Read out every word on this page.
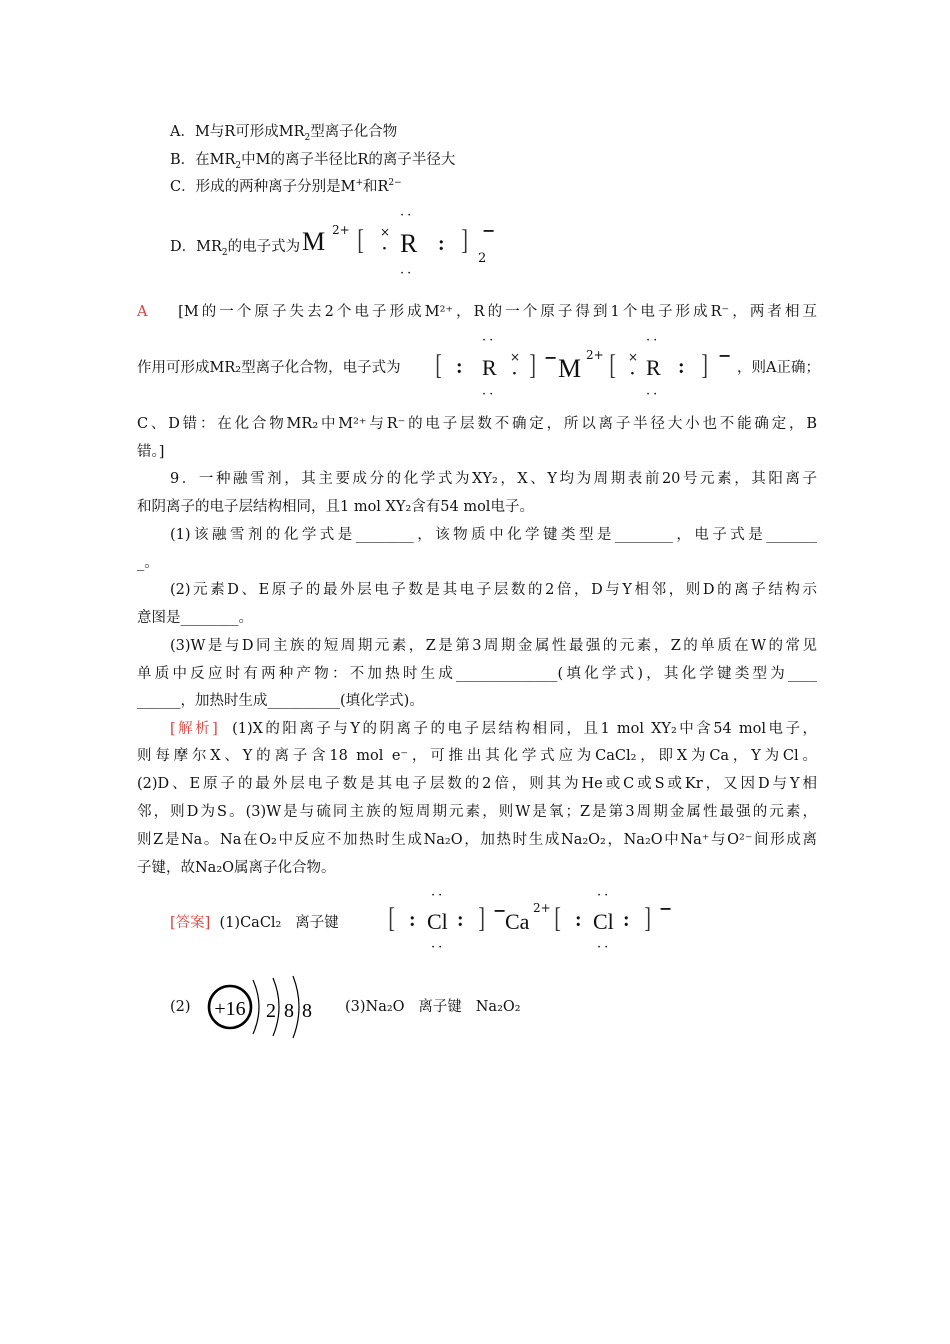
A．M与R可形成$MR_2$型离子化合物
B．在$MR_2$中M的离子半径比R的离子半径大
C．形成的两种离子分别是M+和$R^{2-}$
D．$MR_2$的电子式为 M 2+ [ ×
·
··
R
··
: ] −
2
A [M的一个原子失去2个电子形成M²⁺，R的一个原子得到1个电子形成R⁻，两者相互
作用可形成MR₂型离子化合物，电子式为 [ :
··
R
··
×
· ] − M 2+ [ ×
·
··
R
··
: ] −
，则A正确；
C、D错：在化合物MR₂中M²⁺与R⁻的电子层数不确定，所以离子半径大小也不能确定，B
错。]
9．一种融雪剂，其主要成分的化学式为XY₂，X、Y均为周期表前20号元素，其阳离子
和阴离子的电子层结构相同，且1 mol XY₂含有54 mol电子。
(1)该融雪剂的化学式是________，该物质中化学键类型是________，电子式是_______
_。
(2)元素D、E原子的最外层电子数是其电子层数的2倍，D与Y相邻，则D的离子结构示
意图是________。
(3)W是与D同主族的短周期元素，Z是第3周期金属性最强的元素，Z的单质在W的常见
单质中反应时有两种产物：不加热时生成______________(填化学式)，其化学键类型为____
______，加热时生成__________(填化学式)。
[解析] (1)X的阳离子与Y的阴离子的电子层结构相同，且1 mol XY₂中含54 mol电子，
则每摩尔X、Y的离子含18 mol e⁻，可推出其化学式应为CaCl₂，即X为Ca，Y为Cl。
(2)D、E原子的最外层电子数是其电子层数的2倍，则其为He或C或S或Kr，又因D与Y相
邻，则D为S。(3)W是与硫同主族的短周期元素，则W是氧；Z是第3周期金属性最强的元素，
则Z是Na。Na在O₂中反应不加热时生成Na₂O，加热时生成Na₂O₂，Na₂O中Na⁺与O²⁻间形成离
子键，故Na₂O属离子化合物。
[答案] (1)CaCl₂ 离子键 [ :
··
Cl
··
: ] −
Ca
2+ [ :
··
Cl
··
: ] −
(2) +16 2 8 8 (3)Na₂O 离子键 Na₂O₂
